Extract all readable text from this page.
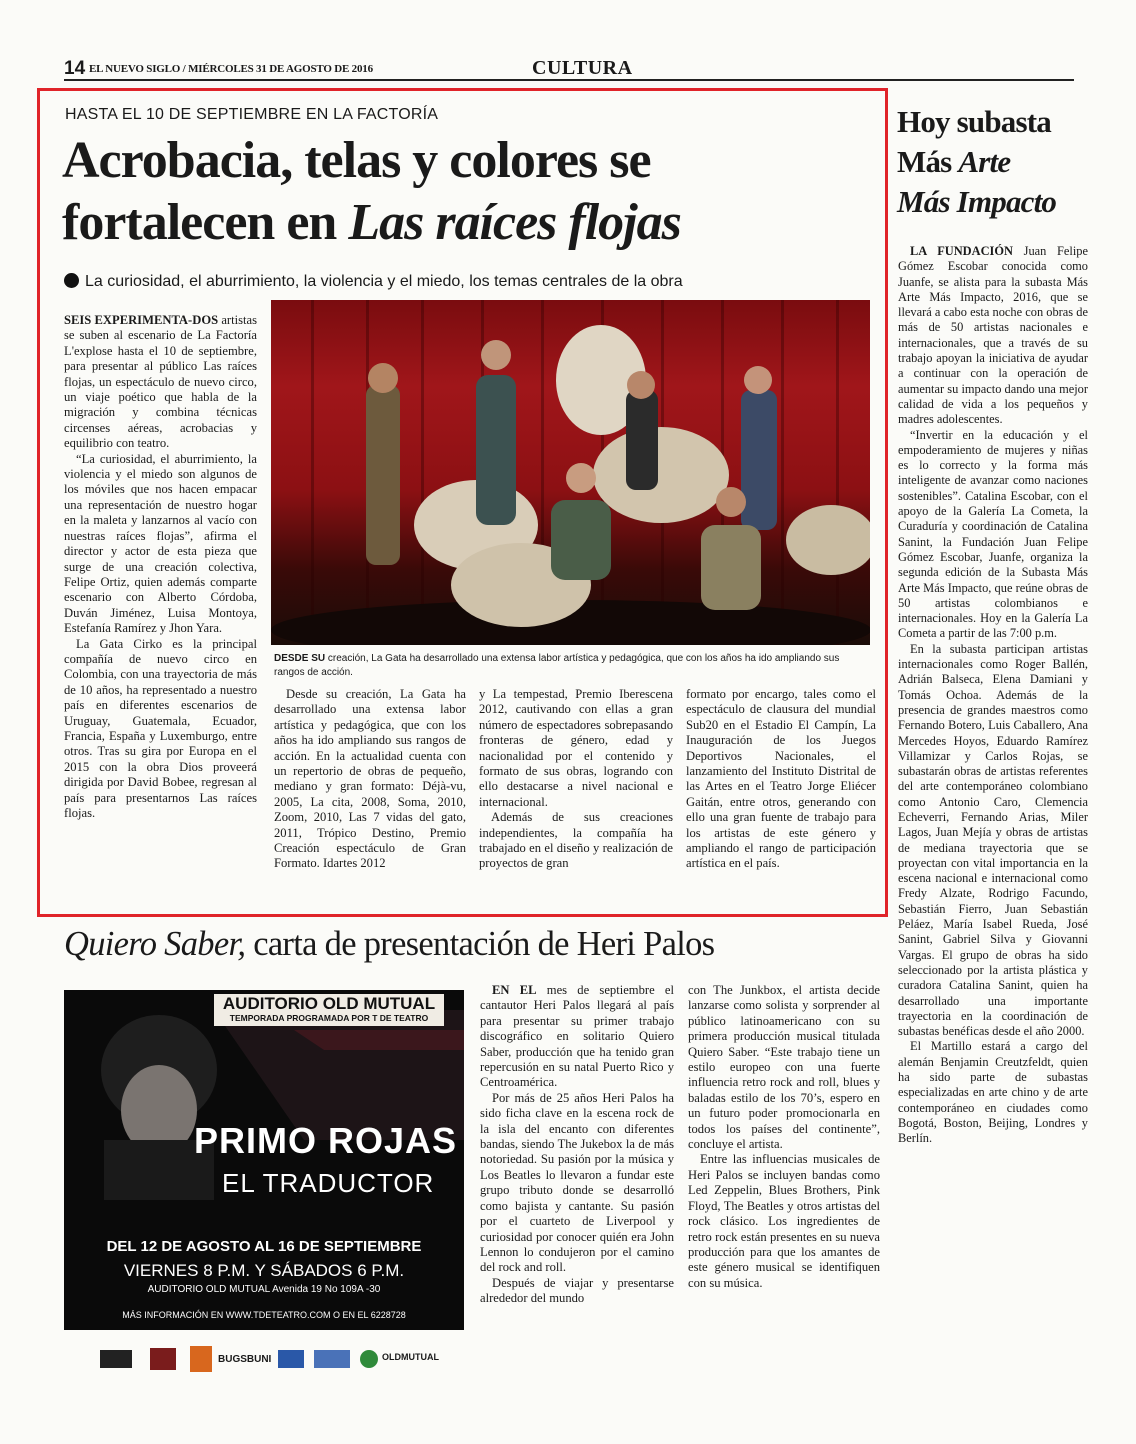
14 EL NUEVO SIGLO / MIÉRCOLES 31 DE AGOSTO DE 2016	CULTURA
HASTA EL 10 DE SEPTIEMBRE EN LA FACTORÍA
Acrobacia, telas y colores se
fortalecen en Las raíces flojas
La curiosidad, el aburrimiento, la violencia y el miedo, los temas centrales de la obra

SEIS EXPERIMENTA-DOS artistas se suben al escenario de La Factoría L'explose hasta el 10 de septiembre, para presentar al público Las raíces flojas, un espectáculo de nuevo circo, un viaje poético que habla de la migración y combina técnicas circenses aéreas, acrobacias y equilibrio con teatro.

“La curiosidad, el aburrimiento, la violencia y el miedo son algunos de los móviles que nos hacen empacar una representación de nuestro hogar en la maleta y lanzarnos al vacío con nuestras raíces flojas”, afirma el director y actor de esta pieza que surge de una creación colectiva, Felipe Ortiz, quien además comparte escenario con Alberto Córdoba, Duván Jiménez, Luisa Montoya, Estefanía Ramírez y Jhon Yara.

La Gata Cirko es la principal compañía de nuevo circo en Colombia, con una trayectoria de más de 10 años, ha representado a nuestro país en diferentes escenarios de Uruguay, Guatemala, Ecuador, Francia, España y Luxemburgo, entre otros. Tras su gira por Europa en el 2015 con la obra Dios proveerá dirigida por David Bobee, regresan al país para presentarnos Las raíces flojas.

DESDE SU creación, La Gata ha desarrollado una extensa labor artística y pedagógica, que con los años ha ido ampliando sus rangos de acción.

Desde su creación, La Gata ha desarrollado una extensa labor artística y pedagógica, que con los años ha ido ampliando sus rangos de acción. En la actualidad cuenta con un repertorio de obras de pequeño, mediano y gran formato: Déjà-vu, 2005, La cita, 2008, Soma, 2010, Zoom, 2010, Las 7 vidas del gato, 2011, Trópico Destino, Premio Creación espectáculo de Gran Formato. Idartes 2012

y La tempestad, Premio Iberescena 2012, cautivando con ellas a gran número de espectadores sobrepasando fronteras de género, edad y nacionalidad por el contenido y formato de sus obras, logrando con ello destacarse a nivel nacional e internacional.

Además de sus creaciones independientes, la compañía ha trabajado en el diseño y realización de proyectos de gran

formato por encargo, tales como el espectáculo de clausura del mundial Sub20 en el Estadio El Campín, La Inauguración de los Juegos Deportivos Nacionales, el lanzamiento del Instituto Distrital de las Artes en el Teatro Jorge Eliécer Gaitán, entre otros, generando con ello una gran fuente de trabajo para los artistas de este género y ampliando el rango de participación artística en el país.

Hoy subasta
Más Arte
Más Impacto

LA FUNDACIÓN Juan Felipe Gómez Escobar conocida como Juanfe, se alista para la subasta Más Arte Más Impacto, 2016, que se llevará a cabo esta noche con obras de más de 50 artistas nacionales e internacionales, que a través de su trabajo apoyan la iniciativa de ayudar a continuar con la operación de aumentar su impacto dando una mejor calidad de vida a los pequeños y madres adolescentes.

“Invertir en la educación y el empoderamiento de mujeres y niñas es lo correcto y la forma más inteligente de avanzar como naciones sostenibles”. Catalina Escobar, con el apoyo de la Galería La Cometa, la Curaduría y coordinación de Catalina Sanint, la Fundación Juan Felipe Gómez Escobar, Juanfe, organiza la segunda edición de la Subasta Más Arte Más Impacto, que reúne obras de 50 artistas colombianos e internacionales. Hoy en la Galería La Cometa a partir de las 7:00 p.m.

En la subasta participan artistas internacionales como Roger Ballén, Adrián Balseca, Elena Damiani y Tomás Ochoa. Además de la presencia de grandes maestros como Fernando Botero, Luis Caballero, Ana Mercedes Hoyos, Eduardo Ramírez Villamizar y Carlos Rojas, se subastarán obras de artistas referentes del arte contemporáneo colombiano como Antonio Caro, Clemencia Echeverri, Fernando Arias, Miler Lagos, Juan Mejía y obras de artistas de mediana trayectoria que se proyectan con vital importancia en la escena nacional e internacional como Fredy Alzate, Rodrigo Facundo, Sebastián Fierro, Juan Sebastián Peláez, María Isabel Rueda, José Sanint, Gabriel Silva y Giovanni Vargas. El grupo de obras ha sido seleccionado por la artista plástica y curadora Catalina Sanint, quien ha desarrollado una importante trayectoria en la coordinación de subastas benéficas desde el año 2000.

El Martillo estará a cargo del alemán Benjamin Creutzfeldt, quien ha sido parte de subastas especializadas en arte chino y de arte contemporáneo en ciudades como Bogotá, Boston, Beijing, Londres y Berlín.

Quiero Saber, carta de presentación de Heri Palos
AUDITORIO OLD MUTUAL
TEMPORADA PROGRAMADA POR T DE TEATRO
PRIMO ROJAS
EL TRADUCTOR
DEL 12 DE AGOSTO AL 16 DE SEPTIEMBRE
VIERNES 8 P.M. Y SÁBADOS 6 P.M.
AUDITORIO OLD MUTUAL Avenida 19 No 109A -30
MÁS INFORMACIÓN EN WWW.TDETEATRO.COM O EN EL 6228728
BUGSBUNI	OLDMUTUAL

EN EL mes de septiembre el cantautor Heri Palos llegará al país para presentar su primer trabajo discográfico en solitario Quiero Saber, producción que ha tenido gran repercusión en su natal Puerto Rico y Centroamérica.

Por más de 25 años Heri Palos ha sido ficha clave en la escena rock de la isla del encanto con diferentes bandas, siendo The Jukebox la de más notoriedad. Su pasión por la música y Los Beatles lo llevaron a fundar este grupo tributo donde se desarrolló como bajista y cantante. Su pasión por el cuarteto de Liverpool y curiosidad por conocer quién era John Lennon lo condujeron por el camino del rock and roll.

Después de viajar y presentarse alrededor del mundo

con The Junkbox, el artista decide lanzarse como solista y sorprender al público latinoamericano con su primera producción musical titulada Quiero Saber. “Este trabajo tiene un estilo europeo con una fuerte influencia retro rock and roll, blues y baladas estilo de los 70’s, espero en un futuro poder promocionarla en todos los países del continente”, concluye el artista.

Entre las influencias musicales de Heri Palos se incluyen bandas como Led Zeppelin, Blues Brothers, Pink Floyd, The Beatles y otros artistas del rock clásico. Los ingredientes de retro rock están presentes en su nueva producción para que los amantes de este género musical se identifiquen con su música.
